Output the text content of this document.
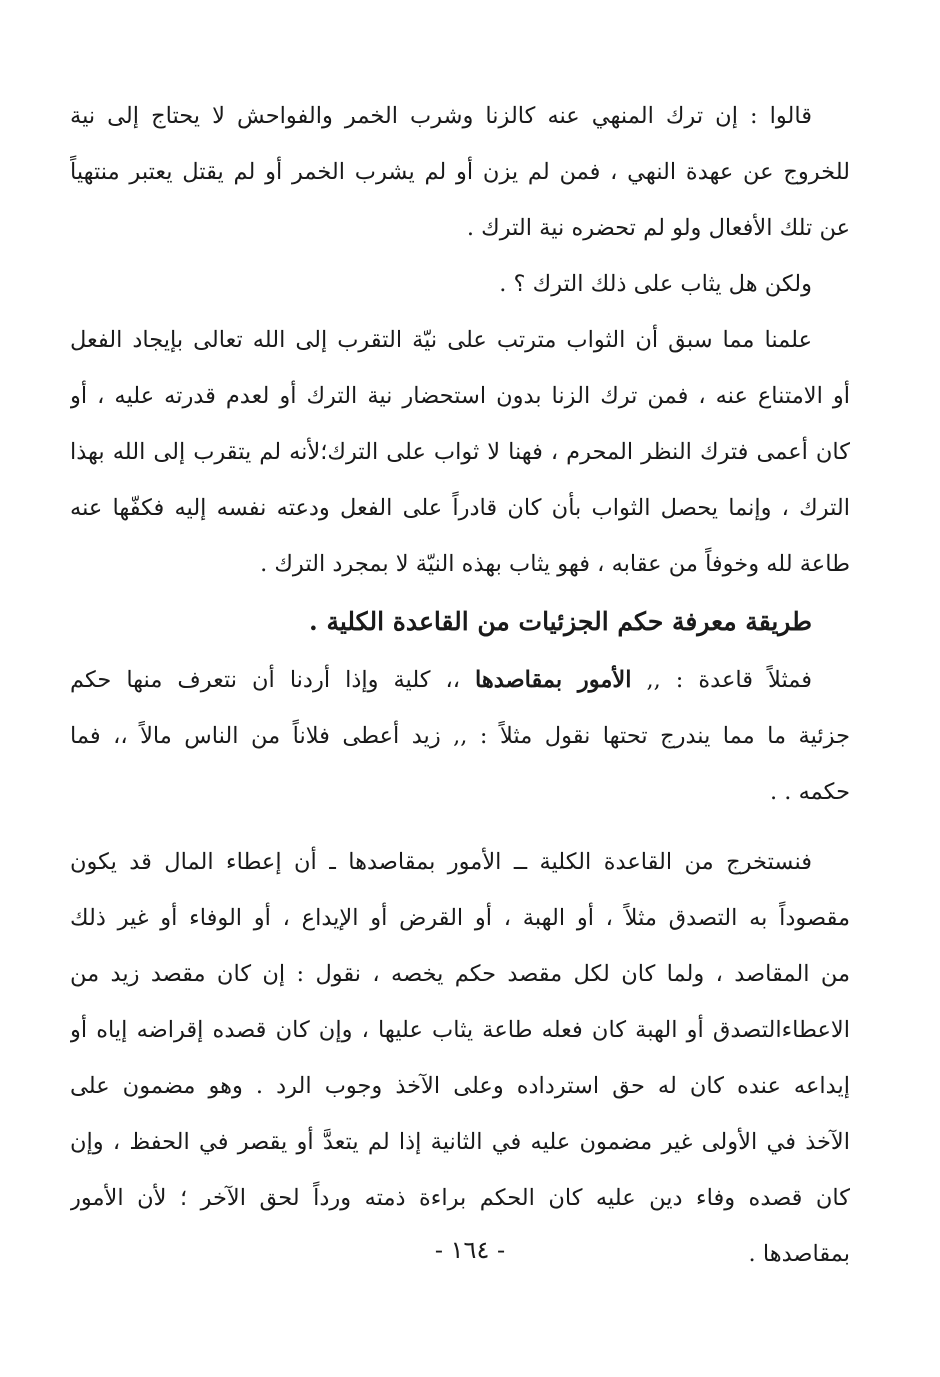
قالوا : إن ترك المنهي عنه كالزنا وشرب الخمر والفواحش لا يحتاج إلى نية
للخروج عن عهدة النهي ، فمن لم يزن أو لم يشرب الخمر أو لم يقتل يعتبر منتهياً
عن تلك الأفعال ولو لم تحضره نية الترك .
ولكن هل يثاب على ذلك الترك ؟ .
علمنا مما سبق أن الثواب مترتب على نيّة التقرب إلى الله تعالى بإيجاد الفعل
أو الامتناع عنه ، فمن ترك الزنا بدون استحضار نية الترك أو لعدم قدرته عليه ، أو
كان أعمى فترك النظر المحرم ، فهنا لا ثواب على الترك؛لأنه لم يتقرب إلى الله بهذا
الترك ، وإنما يحصل الثواب بأن كان قادراً على الفعل ودعته نفسه إليه فكفّها عنه
طاعة لله وخوفاً من عقابه ، فهو يثاب بهذه النيّة لا بمجرد الترك .
طريقة معرفة حكم الجزئيات من القاعدة الكلية .
فمثلاً قاعدة : ,, الأمور بمقاصدها ،، كلية وإذا أردنا أن نتعرف منها حكم
جزئية ما مما يندرج تحتها نقول مثلاً : ,, زيد أعطى فلاناً من الناس مالاً ،، فما
حكمه . .
فنستخرج من القاعدة الكلية ــ الأمور بمقاصدها ـ أن إعطاء المال قد يكون
مقصوداً به التصدق مثلاً ، أو الهبة ، أو القرض أو الإيداع ، أو الوفاء أو غير ذلك
من المقاصد ، ولما كان لكل مقصد حكم يخصه ، نقول : إن كان مقصد زيد من
الاعطاءالتصدق أو الهبة كان فعله طاعة يثاب عليها ، وإن كان قصده إقراضه إياه أو
إيداعه عنده كان له حق استرداده وعلى الآخذ وجوب الرد . وهو مضمون على
الآخذ في الأولى غير مضمون عليه في الثانية إذا لم يتعدَّ أو يقصر في الحفظ ، وإن
كان قصده وفاء دين عليه كان الحكم براءة ذمته ورداً لحق الآخر ؛ لأن الأمور
بمقاصدها .
- ١٦٤ -
